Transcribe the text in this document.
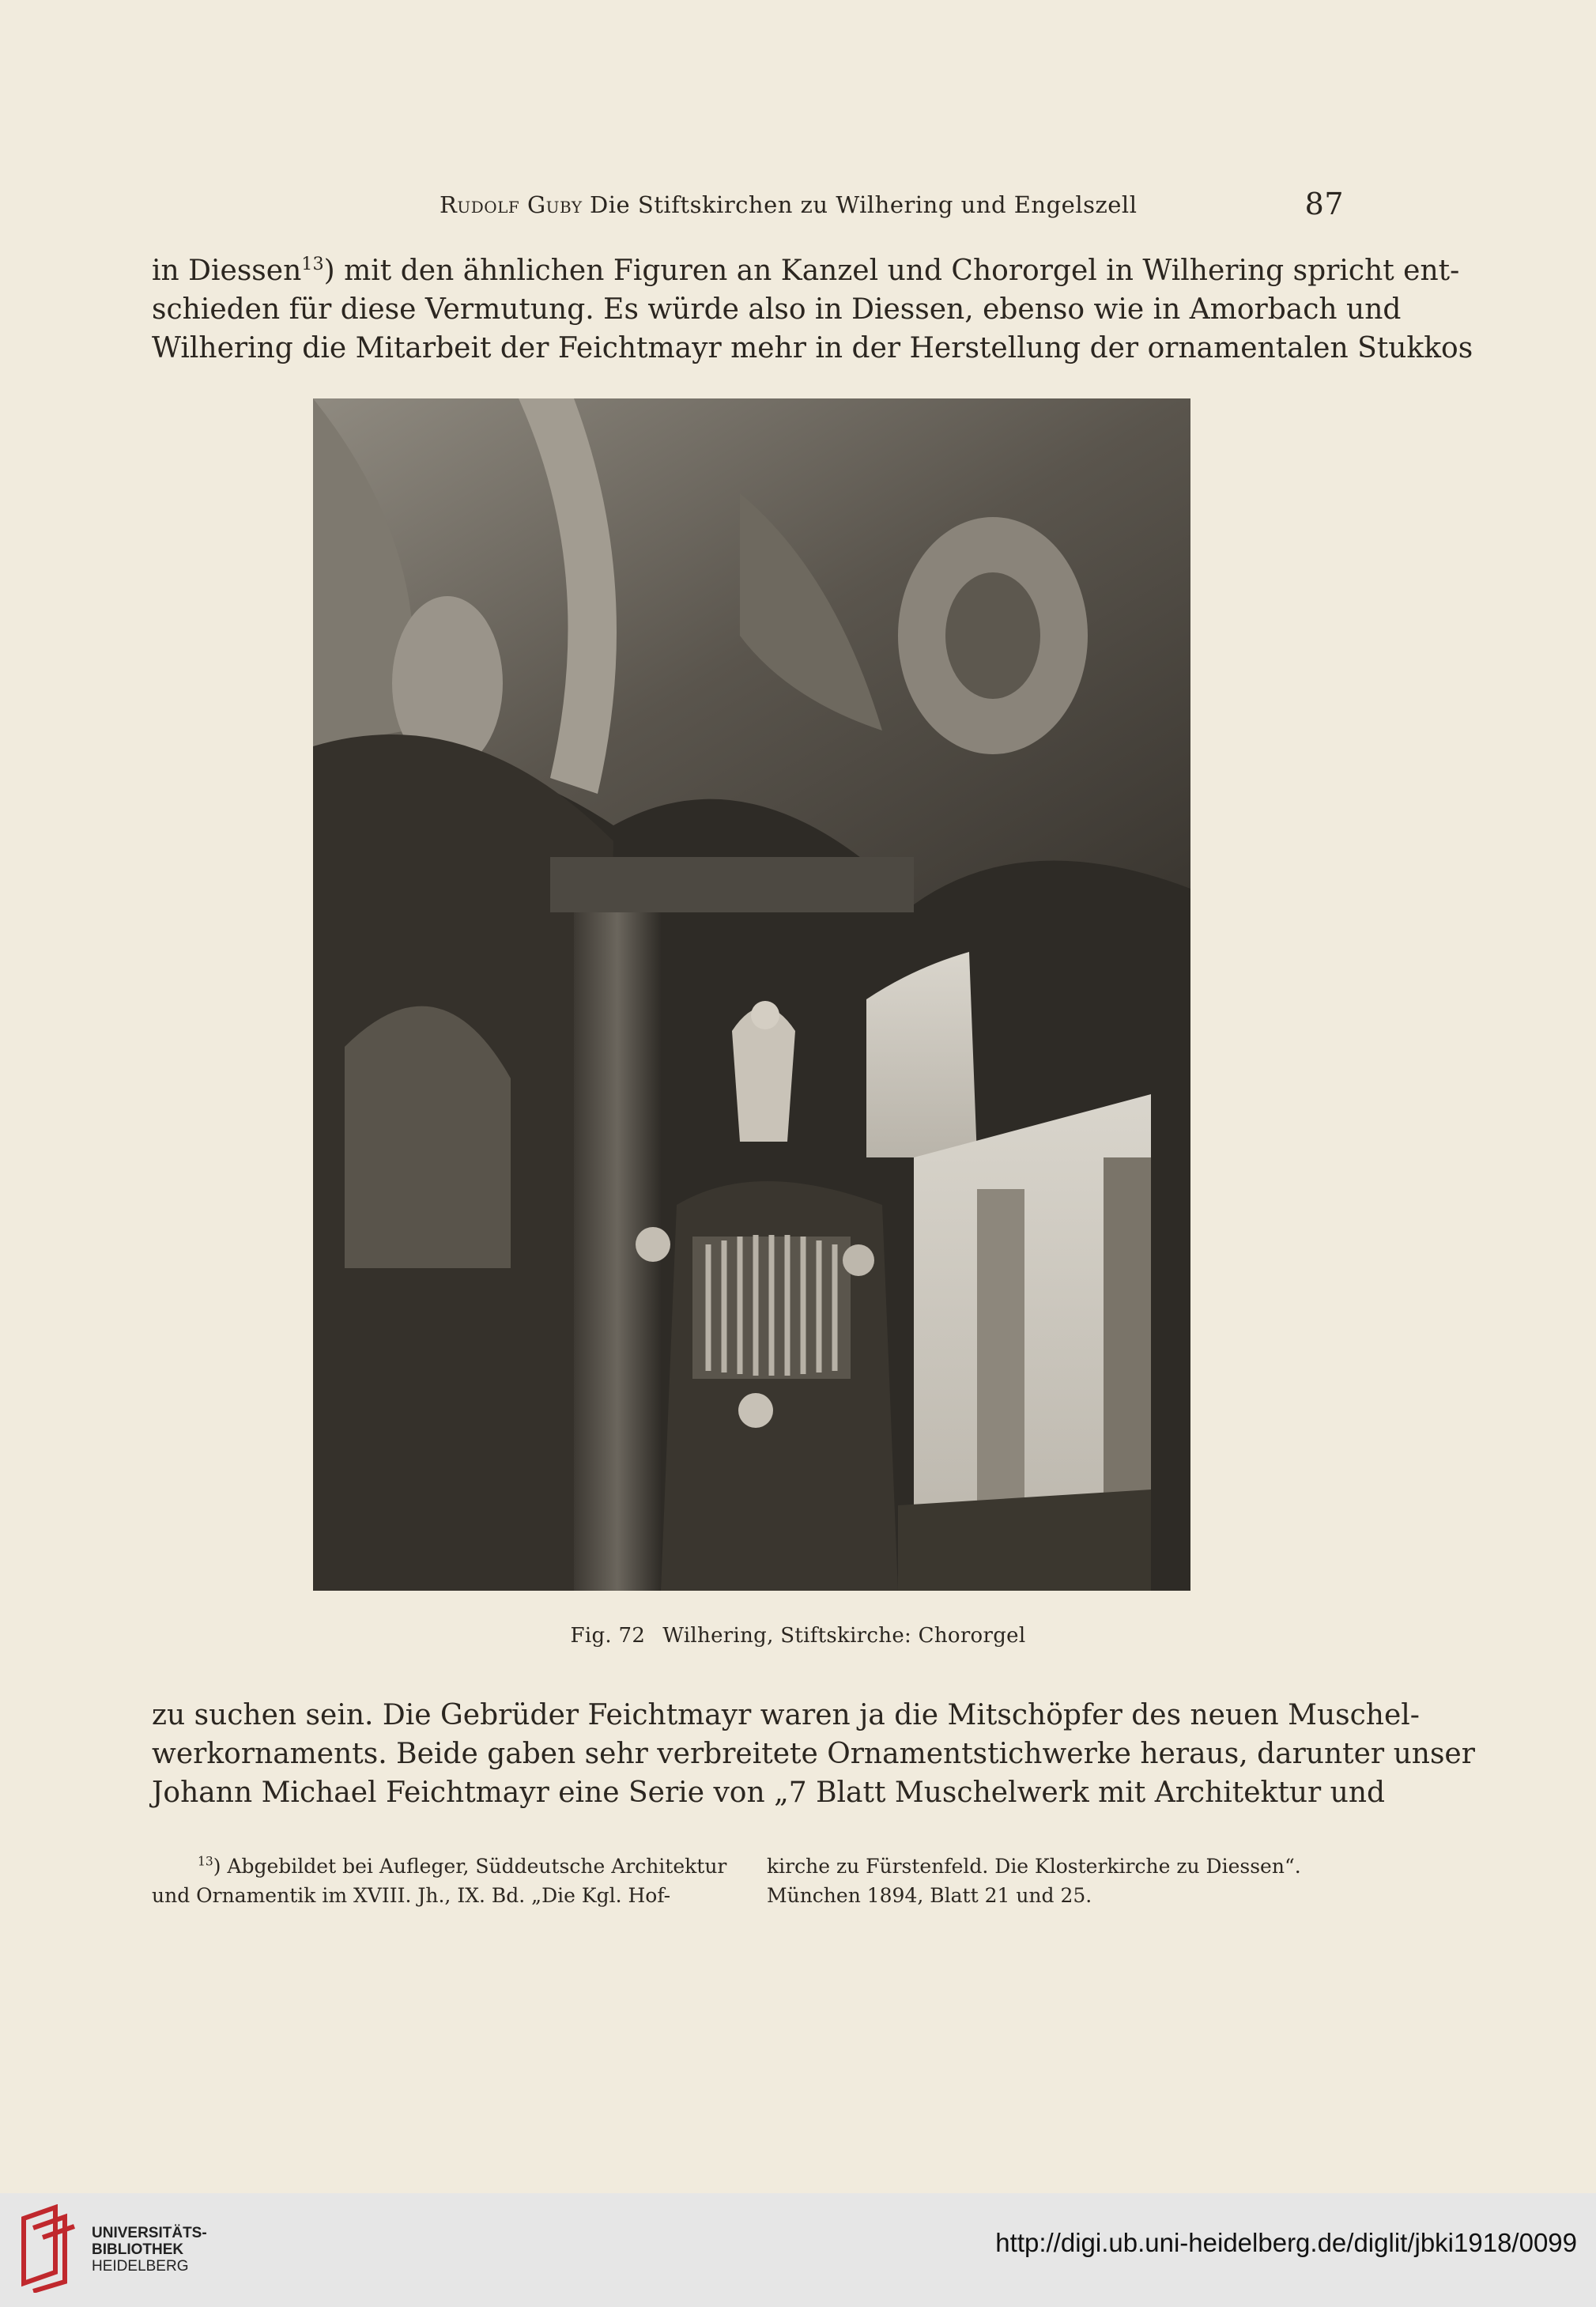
Rudolf Guby Die Stiftskirchen zu Wilhering und Engelszell	87
in Diessen$^{13}$) mit den ähnlichen Figuren an Kanzel und Chororgel in Wilhering spricht ent-
schieden für diese Vermutung. Es würde also in Diessen, ebenso wie in Amorbach und
Wilhering die Mitarbeit der Feichtmayr mehr in der Herstellung der ornamentalen Stukkos
Fig. 72 Wilhering, Stiftskirche: Chororgel
zu suchen sein. Die Gebrüder Feichtmayr waren ja die Mitschöpfer des neuen Muschel-
werkornaments. Beide gaben sehr verbreitete Ornamentstichwerke heraus, darunter unser
Johann Michael Feichtmayr eine Serie von „7 Blatt Muschelwerk mit Architektur und
$^{13}$) Abgebildet bei Aufleger, Süddeutsche Architektur
und Ornamentik im XVIII. Jh., IX. Bd. „Die Kgl. Hof-
kirche zu Fürstenfeld. Die Klosterkirche zu Diessen“.
München 1894, Blatt 21 und 25.
UNIVERSITÄTS-
BIBLIOTHEK
HEIDELBERG
http://digi.ub.uni-heidelberg.de/diglit/jbki1918/0099
